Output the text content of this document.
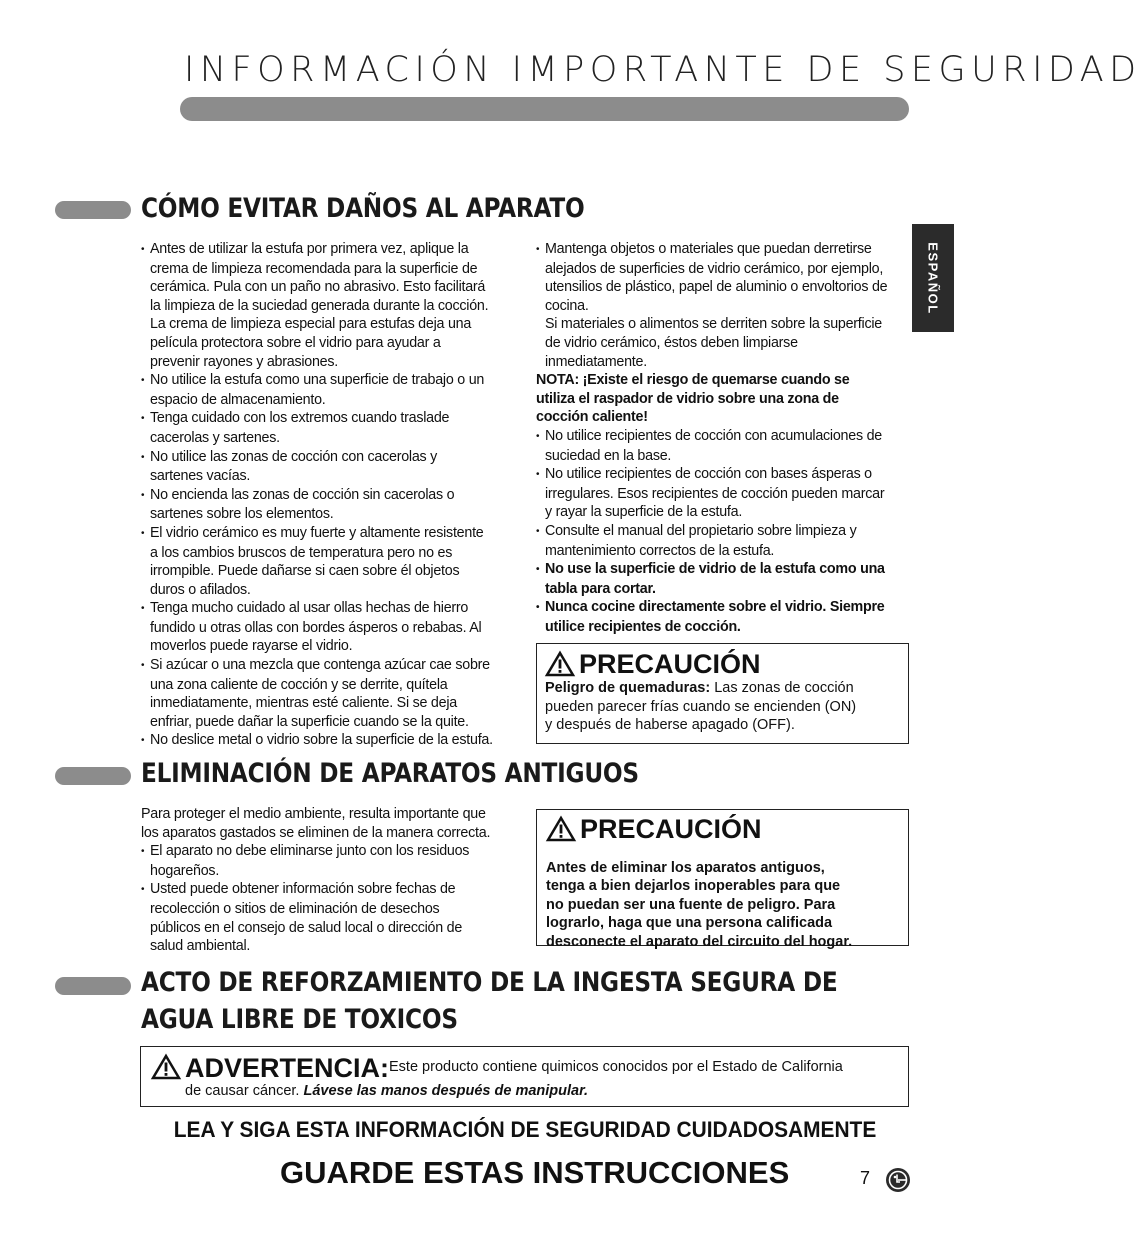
INFORMACIÓN IMPORTANTE DE SEGURIDAD
ESPAÑOL
CÓMO EVITAR DAÑOS AL APARATO

• Antes de utilizar la estufa por primera vez, aplique la
crema de limpieza recomendada para la superficie de
cerámica. Pula con un paño no abrasivo. Esto facilitará
la limpieza de la suciedad generada durante la cocción.
La crema de limpieza especial para estufas deja una
película protectora sobre el vidrio para ayudar a
prevenir rayones y abrasiones.

• No utilice la estufa como una superficie de trabajo o un
espacio de almacenamiento.

• Tenga cuidado con los extremos cuando traslade
cacerolas y sartenes.

• No utilice las zonas de cocción con cacerolas y
sartenes vacías.

• No encienda las zonas de cocción sin cacerolas o
sartenes sobre los elementos.

• El vidrio cerámico es muy fuerte y altamente resistente
a los cambios bruscos de temperatura pero no es
irrompible. Puede dañarse si caen sobre él objetos
duros o afilados.

• Tenga mucho cuidado al usar ollas hechas de hierro
fundido u otras ollas con bordes ásperos o rebabas. Al
moverlos puede rayarse el vidrio.

• Si azúcar o una mezcla que contenga azúcar cae sobre
una zona caliente de cocción y se derrite, quítela
inmediatamente, mientras esté caliente. Si se deja
enfriar, puede dañar la superficie cuando se la quite.

• No deslice metal o vidrio sobre la superficie de la estufa.

• Mantenga objetos o materiales que puedan derretirse
alejados de superficies de vidrio cerámico, por ejemplo,
utensilios de plástico, papel de aluminio o envoltorios de
cocina.
Si materiales o alimentos se derriten sobre la superficie
de vidrio cerámico, éstos deben limpiarse
inmediatamente.

NOTA: ¡Existe el riesgo de quemarse cuando se
utiliza el raspador de vidrio sobre una zona de
cocción caliente!

• No utilice recipientes de cocción con acumulaciones de
suciedad en la base.

• No utilice recipientes de cocción con bases ásperas o
irregulares. Esos recipientes de cocción pueden marcar
y rayar la superficie de la estufa.

• Consulte el manual del propietario sobre limpieza y
mantenimiento correctos de la estufa.

• No use la superficie de vidrio de la estufa como una
tabla para cortar.

• Nunca cocine directamente sobre el vidrio. Siempre
utilice recipientes de cocción.

PRECAUCIÓN
Peligro de quemaduras: Las zonas de cocción
pueden parecer frías cuando se encienden (ON)
y después de haberse apagado (OFF).
ELIMINACIÓN DE APARATOS ANTIGUOS

Para proteger el medio ambiente, resulta importante que
los aparatos gastados se eliminen de la manera correcta.

• El aparato no debe eliminarse junto con los residuos
hogareños.

• Usted puede obtener información sobre fechas de
recolección o sitios de eliminación de desechos
públicos en el consejo de salud local o dirección de
salud ambiental.

PRECAUCIÓN

Antes de eliminar los aparatos antiguos,
tenga a bien dejarlos inoperables para que
no puedan ser una fuente de peligro. Para
lograrlo, haga que una persona calificada
desconecte el aparato del circuito del hogar.

ACTO DE REFORZAMIENTO DE LA INGESTA SEGURA DE
AGUA LIBRE DE TOXICOS
ADVERTENCIA: Este producto contiene quimicos conocidos por el Estado de California
de causar cáncer. Lávese las manos después de manipular.
LEA Y SIGA ESTA INFORMACIÓN DE SEGURIDAD CUIDADOSAMENTE
GUARDE ESTAS INSTRUCCIONES	7
